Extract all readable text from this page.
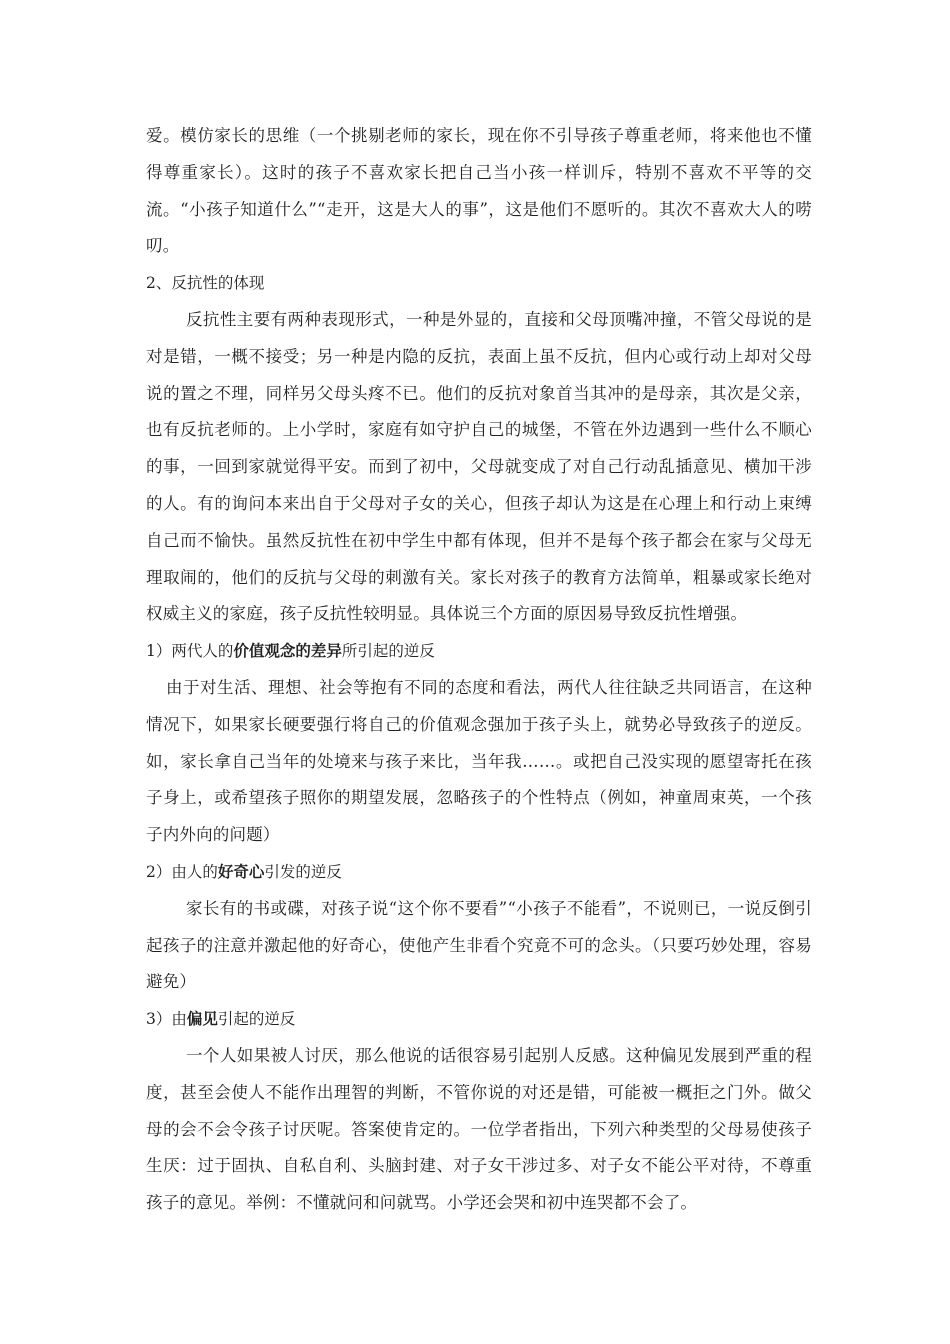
爱。模仿家长的思维（一个挑剔老师的家长，现在你不引导孩子尊重老师，将来他也不懂得尊重家长）。这时的孩子不喜欢家长把自己当小孩一样训斥，特别不喜欢不平等的交流。“小孩子知道什么”“走开，这是大人的事”，这是他们不愿听的。其次不喜欢大人的唠叨。

2、反抗性的体现

反抗性主要有两种表现形式，一种是外显的，直接和父母顶嘴冲撞，不管父母说的是对是错，一概不接受；另一种是内隐的反抗，表面上虽不反抗，但内心或行动上却对父母说的置之不理，同样另父母头疼不已。他们的反抗对象首当其冲的是母亲，其次是父亲，也有反抗老师的。上小学时，家庭有如守护自己的城堡，不管在外边遇到一些什么不顺心的事，一回到家就觉得平安。而到了初中，父母就变成了对自己行动乱插意见、横加干涉的人。有的询问本来出自于父母对子女的关心，但孩子却认为这是在心理上和行动上束缚自己而不愉快。虽然反抗性在初中学生中都有体现，但并不是每个孩子都会在家与父母无理取闹的，他们的反抗与父母的刺激有关。家长对孩子的教育方法简单，粗暴或家长绝对权威主义的家庭，孩子反抗性较明显。具体说三个方面的原因易导致反抗性增强。

1）两代人的价值观念的差异所引起的逆反

由于对生活、理想、社会等抱有不同的态度和看法，两代人往往缺乏共同语言，在这种情况下，如果家长硬要强行将自己的价值观念强加于孩子头上，就势必导致孩子的逆反。如，家长拿自己当年的处境来与孩子来比，当年我……。或把自己没实现的愿望寄托在孩子身上，或希望孩子照你的期望发展，忽略孩子的个性特点（例如，神童周束英，一个孩子内外向的问题）

2）由人的好奇心引发的逆反

家长有的书或碟，对孩子说“这个你不要看”“小孩子不能看”，不说则已，一说反倒引起孩子的注意并激起他的好奇心，使他产生非看个究竟不可的念头。（只要巧妙处理，容易避免）

3）由偏见引起的逆反

一个人如果被人讨厌，那么他说的话很容易引起别人反感。这种偏见发展到严重的程度，甚至会使人不能作出理智的判断，不管你说的对还是错，可能被一概拒之门外。做父母的会不会令孩子讨厌呢。答案使肯定的。一位学者指出，下列六种类型的父母易使孩子生厌：过于固执、自私自利、头脑封建、对子女干涉过多、对子女不能公平对待，不尊重孩子的意见。举例：不懂就问和问就骂。小学还会哭和初中连哭都不会了。
